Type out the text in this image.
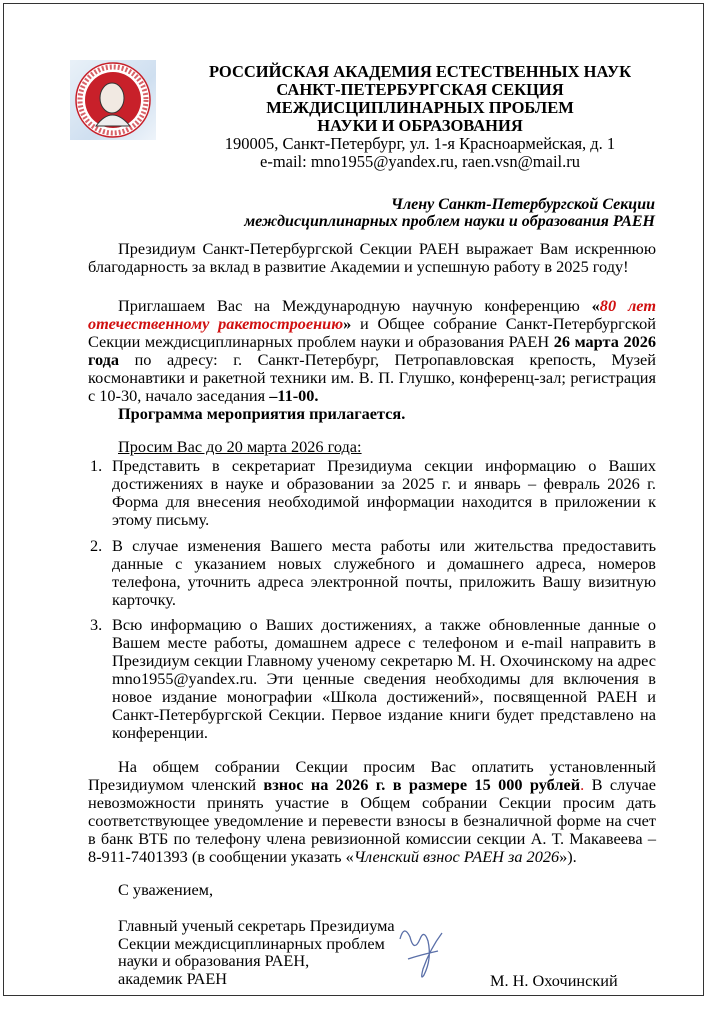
РОССИЙСКАЯ АКАДЕМИЯ ЕСТЕСТВЕННЫХ НАУК
САНКТ-ПЕТЕРБУРГСКАЯ СЕКЦИЯ
МЕЖДИСЦИПЛИНАРНЫХ ПРОБЛЕМ
НАУКИ И ОБРАЗОВАНИЯ
190005, Санкт-Петербург, ул. 1-я Красноармейская, д. 1
e-mail: mno1955@yandex.ru, raen.vsn@mail.ru
Члену Санкт-Петербургской Секции
междисциплинарных проблем науки и образования РАЕН
Президиум Санкт-Петербургской Секции РАЕН выражает Вам искреннюю благодарность за вклад в развитие Академии и успешную работу в 2025 году!
Приглашаем Вас на Международную научную конференцию «80 лет отечественному ракетостроению» и Общее собрание Санкт-Петербургской Секции междисциплинарных проблем науки и образования РАЕН 26 марта 2026 года по адресу: г. Санкт-Петербург, Петропавловская крепость, Музей космонавтики и ракетной техники им. В. П. Глушко, конференц-зал; регистрация с 10-30, начало заседания –11-00.
Программа мероприятия прилагается.
Просим Вас до 20 марта 2026 года:
1. Представить в секретариат Президиума секции информацию о Ваших достижениях в науке и образовании за 2025 г. и январь – февраль 2026 г. Форма для внесения необходимой информации находится в приложении к этому письму.
2. В случае изменения Вашего места работы или жительства предоставить данные с указанием новых служебного и домашнего адреса, номеров телефона, уточнить адреса электронной почты, приложить Вашу визитную карточку.
3. Всю информацию о Ваших достижениях, а также обновленные данные о Вашем месте работы, домашнем адресе с телефоном и e-mail направить в Президиум секции Главному ученому секретарю М. Н. Охочинскому на адрес mno1955@yandex.ru. Эти ценные сведения необходимы для включения в новое издание монографии «Школа достижений», посвященной РАЕН и Санкт-Петербургской Секции. Первое издание книги будет представлено на конференции.
На общем собрании Секции просим Вас оплатить установленный Президиумом членский взнос на 2026 г. в размере 15 000 рублей. В случае невозможности принять участие в Общем собрании Секции просим дать соответствующее уведомление и перевести взносы в безналичной форме на счет в банк ВТБ по телефону члена ревизионной комиссии секции А. Т. Макавеева – 8-911-7401393 (в сообщении указать «Членский взнос РАЕН за 2026»).
С уважением,
Главный ученый секретарь Президиума
Секции междисциплинарных проблем
науки и образования РАЕН,
академик РАЕН	М. Н. Охочинский
